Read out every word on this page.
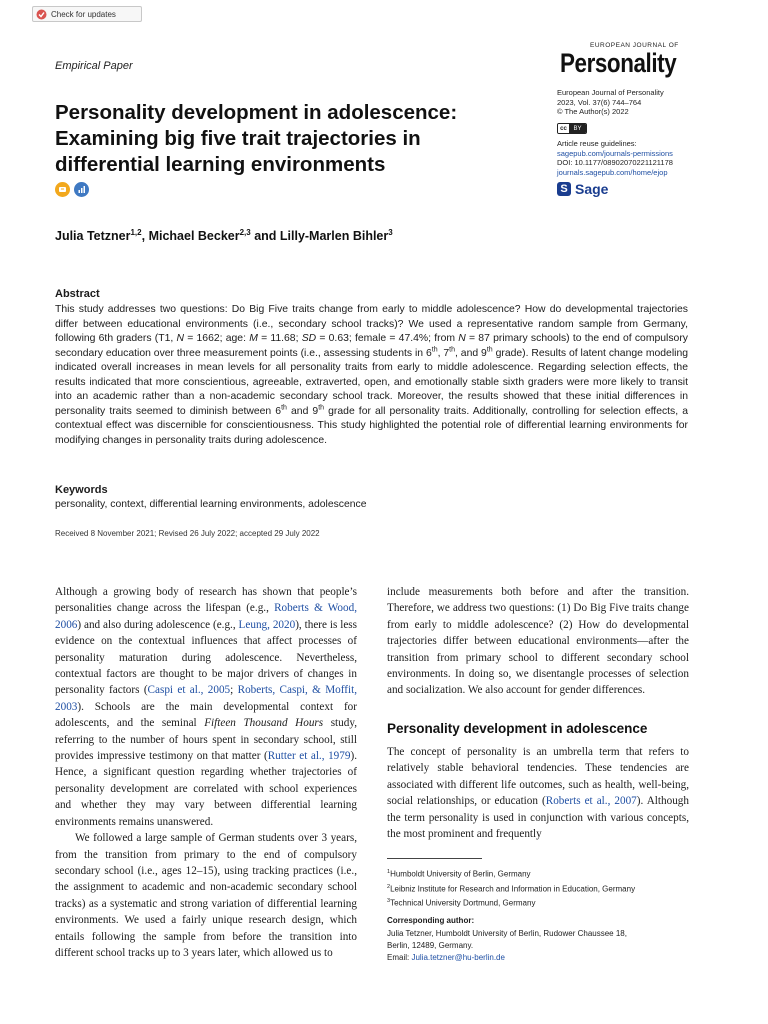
Check for updates
Empirical Paper
EUROPEAN JOURNAL OF
Personality
European Journal of Personality
2023, Vol. 37(6) 744–764
© The Author(s) 2022
cc	BY
Article reuse guidelines:
sagepub.com/journals-permissions
DOI: 10.1177/08902070221121178
journals.sagepub.com/home/ejop
S Sage
Personality development in adolescence: Examining big five trait trajectories in differential learning environments
Julia Tetzner$^{1,2}$, Michael Becker$^{2,3}$ and Lilly-Marlen Bihler$^3$
Abstract

This study addresses two questions: Do Big Five traits change from early to middle adolescence? How do developmental trajectories differ between educational environments (i.e., secondary school tracks)? We used a representative random sample from Germany, following 6th graders (T1, N = 1662; age: M = 11.68; SD = 0.63; female = 47.4%; from N = 87 primary schools) to the end of compulsory secondary education over three measurement points (i.e., assessing students in 6th, 7th, and 9th grade). Results of latent change modeling indicated overall increases in mean levels for all personality traits from early to middle adolescence. Regarding selection effects, the results indicated that more conscientious, agreeable, extraverted, open, and emotionally stable sixth graders were more likely to transit into an academic rather than a non-academic secondary school track. Moreover, the results showed that these initial differences in personality traits seemed to diminish between 6th and 9th grade for all personality traits. Additionally, controlling for selection effects, a contextual effect was discernible for conscientiousness. This study highlighted the potential role of differential learning environments for modifying changes in personality traits during adolescence.

Keywords
personality, context, differential learning environments, adolescence
Received 8 November 2021; Revised 26 July 2022; accepted 29 July 2022

Although a growing body of research has shown that people’s personalities change across the lifespan (e.g., Roberts & Wood, 2006) and also during adolescence (e.g., Leung, 2020), there is less evidence on the contextual influences that affect processes of personality maturation during adolescence. Nevertheless, contextual factors are thought to be major drivers of changes in personality factors (Caspi et al., 2005; Roberts, Caspi, & Moffit, 2003). Schools are the main developmental context for adolescents, and the seminal Fifteen Thousand Hours study, referring to the number of hours spent in secondary school, still provides impressive testimony on that matter (Rutter et al., 1979). Hence, a significant question regarding whether trajectories of personality development are correlated with school experiences and whether they may vary between differential learning environments remains unanswered.

We followed a large sample of German students over 3 years, from the transition from primary to the end of compulsory secondary school (i.e., ages 12–15), using tracking practices (i.e., the assignment to academic and non-academic secondary school tracks) as a systematic and strong variation of differential learning environments. We used a fairly unique research design, which entails following the sample from before the transition into different school tracks up to 3 years later, which allowed us to

include measurements both before and after the transition. Therefore, we address two questions: (1) Do Big Five traits change from early to middle adolescence? (2) How do developmental trajectories differ between educational environments—after the transition from primary school to different secondary school environments. In doing so, we disentangle processes of selection and socialization. We also account for gender differences.

Personality development in adolescence

The concept of personality is an umbrella term that refers to relatively stable behavioral tendencies. These tendencies are associated with different life outcomes, such as health, well-being, social relationships, or education (Roberts et al., 2007). Although the term personality is used in conjunction with various concepts, the most prominent and frequently

$^1$Humboldt University of Berlin, Germany
$^2$Leibniz Institute for Research and Information in Education, Germany
$^3$Technical University Dortmund, Germany
Corresponding author:
Julia Tetzner, Humboldt University of Berlin, Rudower Chaussee 18,
Berlin, 12489, Germany.
Email: Julia.tetzner@hu-berlin.de
